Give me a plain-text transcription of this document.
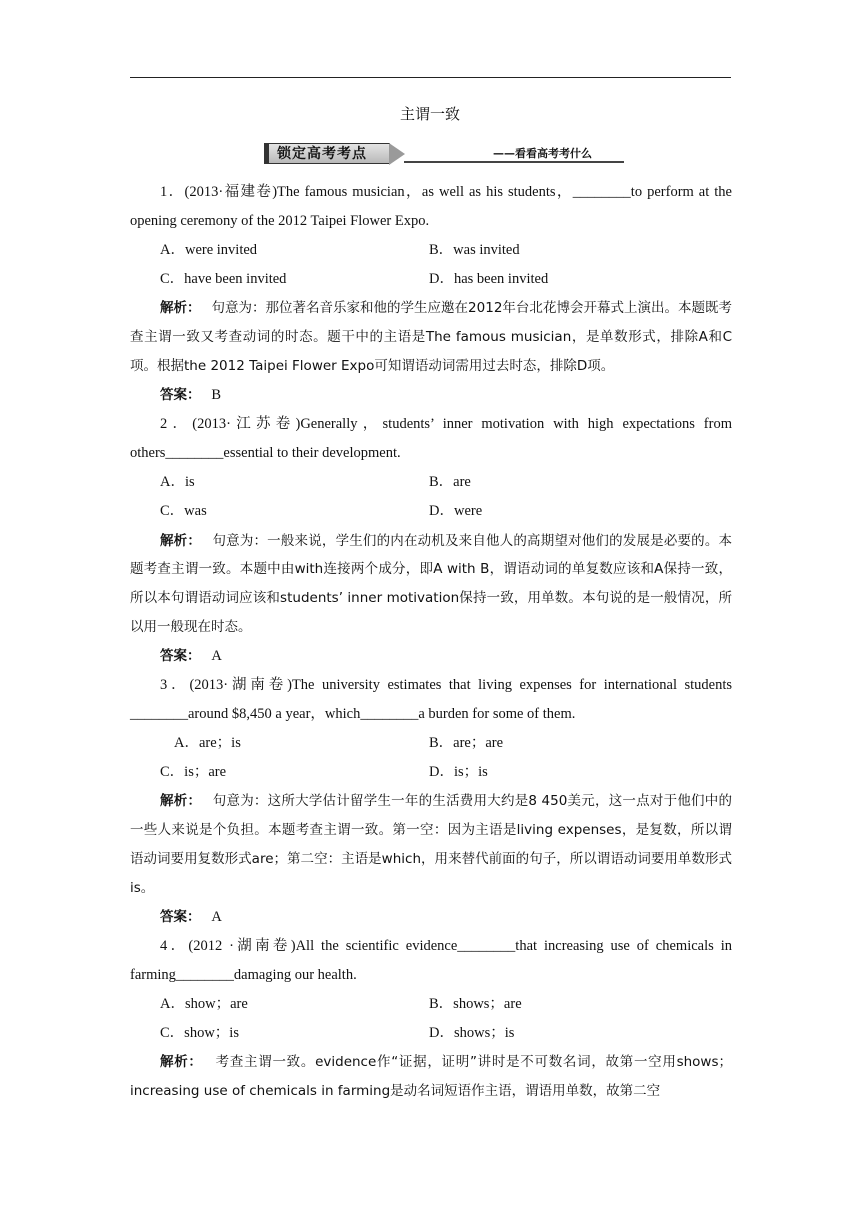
主谓一致
锁定高考考点	——看看高考考什么
1．(2013·福建卷)The famous musician，as well as his students，________to perform at the opening ceremony of the 2012 Taipei Flower Expo.
A．were invited	B．was invited
C．have been invited	D．has been invited
解析： 句意为：那位著名音乐家和他的学生应邀在2012年台北花博会开幕式上演出。本题既考查主谓一致又考查动词的时态。题干中的主语是The famous musician，是单数形式，排除A和C项。根据the 2012 Taipei Flower Expo可知谓语动词需用过去时态，排除D项。
答案： B
2．(2013·江苏卷)Generally，students’ inner motivation with high expectations from others________essential to their development.
A．is	B．are
C．was	D．were
解析： 句意为：一般来说，学生们的内在动机及来自他人的高期望对他们的发展是必要的。本题考查主谓一致。本题中由with连接两个成分，即A with B，谓语动词的单复数应该和A保持一致，所以本句谓语动词应该和students’ inner motivation保持一致，用单数。本句说的是一般情况，所以用一般现在时态。
答案： A
3．(2013·湖南卷)The university estimates that living expenses for international students ________around $8,450 a year，which________a burden for some of them.
A．are；is	B．are；are
C．is；are	D．is；is
解析： 句意为：这所大学估计留学生一年的生活费用大约是8 450美元，这一点对于他们中的一些人来说是个负担。本题考查主谓一致。第一空：因为主语是living expenses，是复数，所以谓语动词要用复数形式are；第二空：主语是which，用来替代前面的句子，所以谓语动词要用单数形式is。
答案： A
4．(2012 ·湖南卷)All the scientific evidence________that increasing use of chemicals in farming________damaging our health.
A．show；are	B．shows；are
C．show；is	D．shows；is
解析： 考查主谓一致。evidence作“证据，证明”讲时是不可数名词，故第一空用shows；increasing use of chemicals in farming是动名词短语作主语，谓语用单数，故第二空
